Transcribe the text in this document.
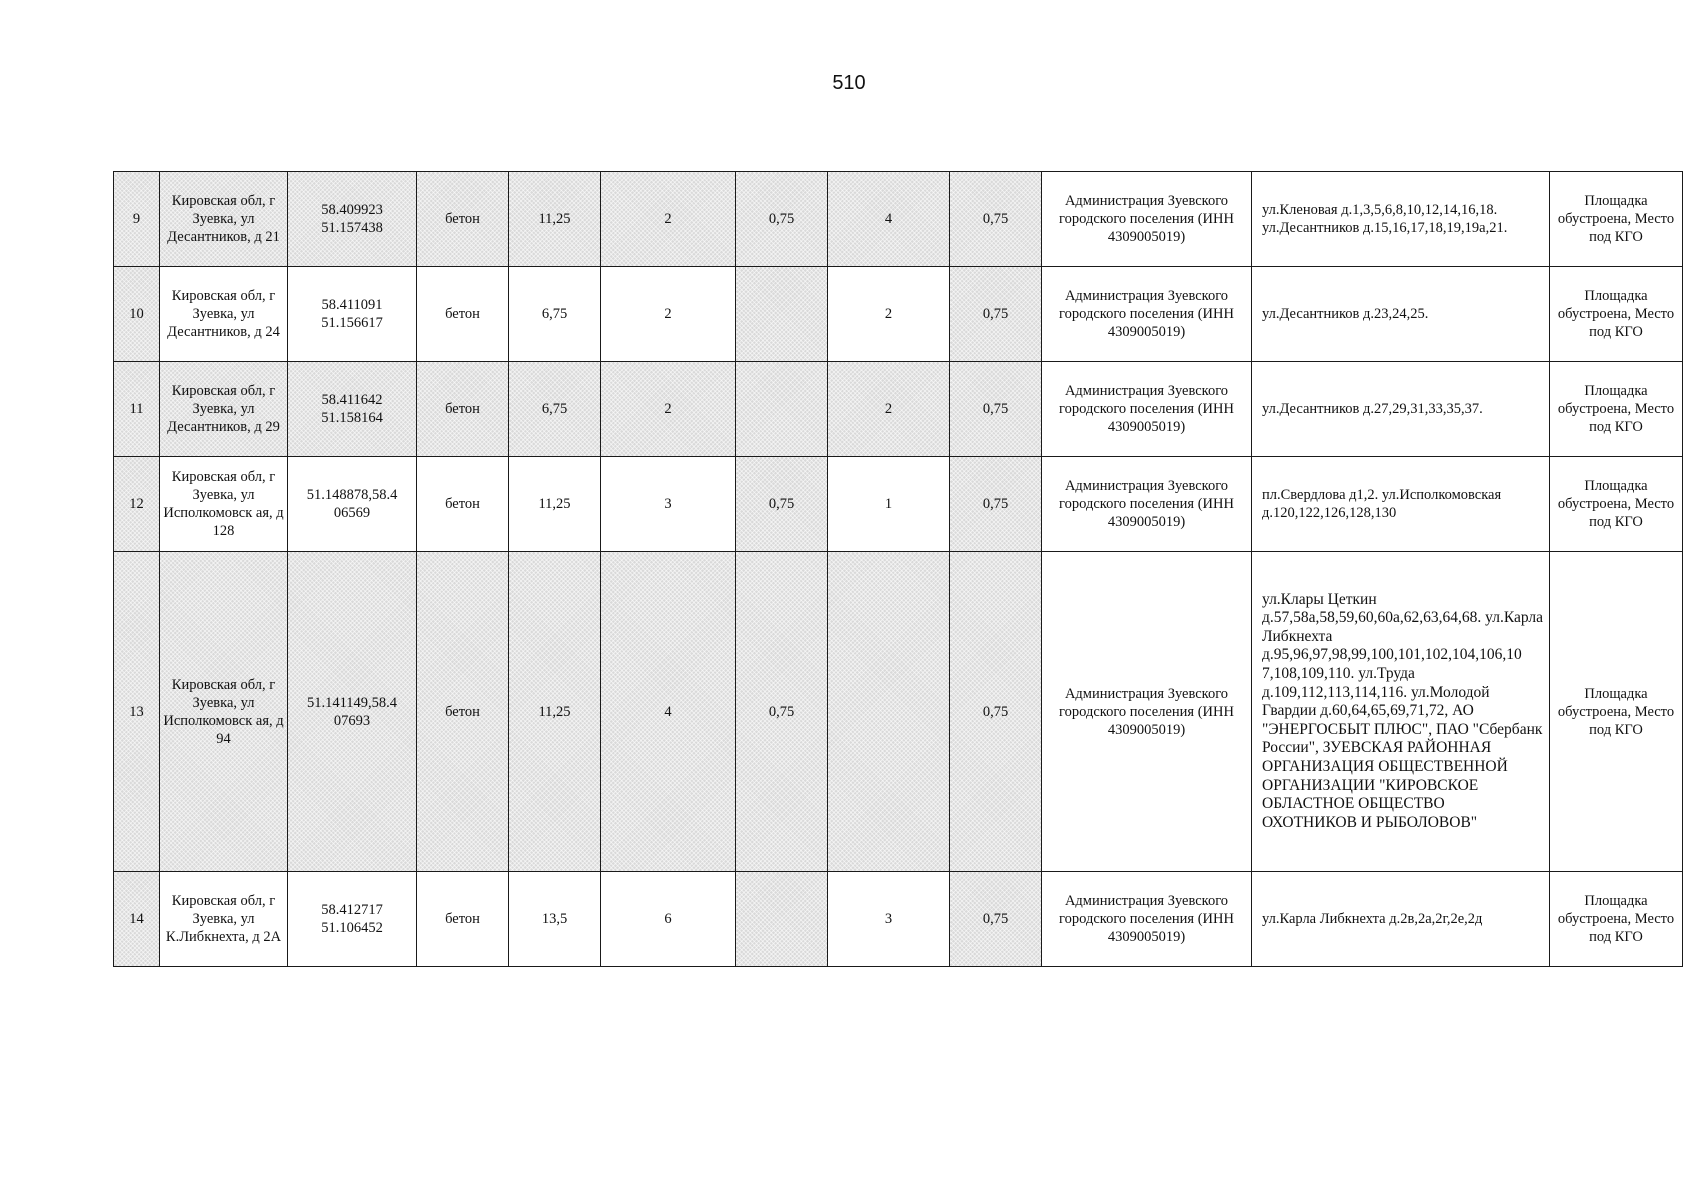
510
9	Кировская обл, г Зуевка, ул Десантников, д 21	58.409923 51.157438	бетон	11,25	2	0,75	4	0,75	Администрация Зуевского городского поселения (ИНН 4309005019)	ул.Кленовая д.1,3,5,6,8,10,12,14,16,18. ул.Десантников д.15,16,17,18,19,19а,21.	Площадка обустроена, Место под КГО
10	Кировская обл, г Зуевка, ул Десантников, д 24	58.411091 51.156617	бетон	6,75	2		2	0,75	Администрация Зуевского городского поселения (ИНН 4309005019)	ул.Десантников д.23,24,25.	Площадка обустроена, Место под КГО
11	Кировская обл, г Зуевка, ул Десантников, д 29	58.411642 51.158164	бетон	6,75	2		2	0,75	Администрация Зуевского городского поселения (ИНН 4309005019)	ул.Десантников д.27,29,31,33,35,37.	Площадка обустроена, Место под КГО
12	Кировская обл, г Зуевка, ул Исполкомовск ая, д 128	51.148878,58.4 06569	бетон	11,25	3	0,75	1	0,75	Администрация Зуевского городского поселения (ИНН 4309005019)	пл.Свердлова д1,2. ул.Исполкомовская д.120,122,126,128,130	Площадка обустроена, Место под КГО
13	Кировская обл, г Зуевка, ул Исполкомовск ая, д 94	51.141149,58.4 07693	бетон	11,25	4	0,75		0,75	Администрация Зуевского городского поселения (ИНН 4309005019)	ул.Клары Цеткин д.57,58а,58,59,60,60а,62,63,64,68. ул.Карла Либкнехта д.95,96,97,98,99,100,101,102,104,106,10 7,108,109,110. ул.Труда д.109,112,113,114,116. ул.Молодой Гвардии д.60,64,65,69,71,72, АО "ЭНЕРГОСБЫТ ПЛЮС", ПАО "Сбербанк России", ЗУЕВСКАЯ РАЙОННАЯ ОРГАНИЗАЦИЯ ОБЩЕСТВЕННОЙ ОРГАНИЗАЦИИ "КИРОВСКОЕ ОБЛАСТНОЕ ОБЩЕСТВО ОХОТНИКОВ И РЫБОЛОВОВ"	Площадка обустроена, Место под КГО
14	Кировская обл, г Зуевка, ул К.Либкнехта, д 2А	58.412717 51.106452	бетон	13,5	6		3	0,75	Администрация Зуевского городского поселения (ИНН 4309005019)	ул.Карла Либкнехта д.2в,2а,2г,2е,2д	Площадка обустроена, Место под КГО
